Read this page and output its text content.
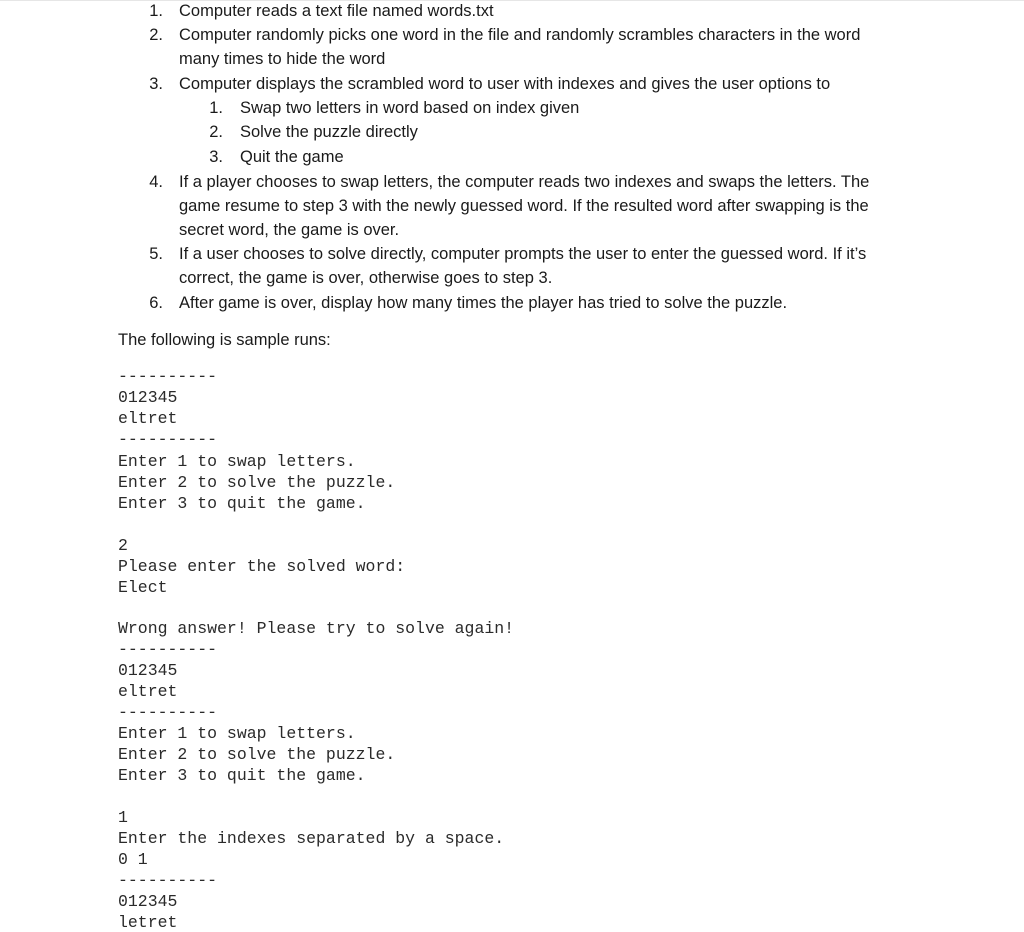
1. Computer reads a text file named words.txt
2. Computer randomly picks one word in the file and randomly scrambles characters in the word
many times to hide the word
3. Computer displays the scrambled word to user with indexes and gives the user options to
1. Swap two letters in word based on index given
2. Solve the puzzle directly
3. Quit the game
4. If a player chooses to swap letters, the computer reads two indexes and swaps the letters. The
game resume to step 3 with the newly guessed word. If the resulted word after swapping is the
secret word, the game is over.
5. If a user chooses to solve directly, computer prompts the user to enter the guessed word. If it’s
correct, the game is over, otherwise goes to step 3.
6. After game is over, display how many times the player has tried to solve the puzzle.
The following is sample runs:
----------
012345
eltret
----------
Enter 1 to swap letters.
Enter 2 to solve the puzzle.
Enter 3 to quit the game.
2
Please enter the solved word:
Elect
Wrong answer! Please try to solve again!
----------
012345
eltret
----------
Enter 1 to swap letters.
Enter 2 to solve the puzzle.
Enter 3 to quit the game.
1
Enter the indexes separated by a space.
0 1
----------
012345
letret
